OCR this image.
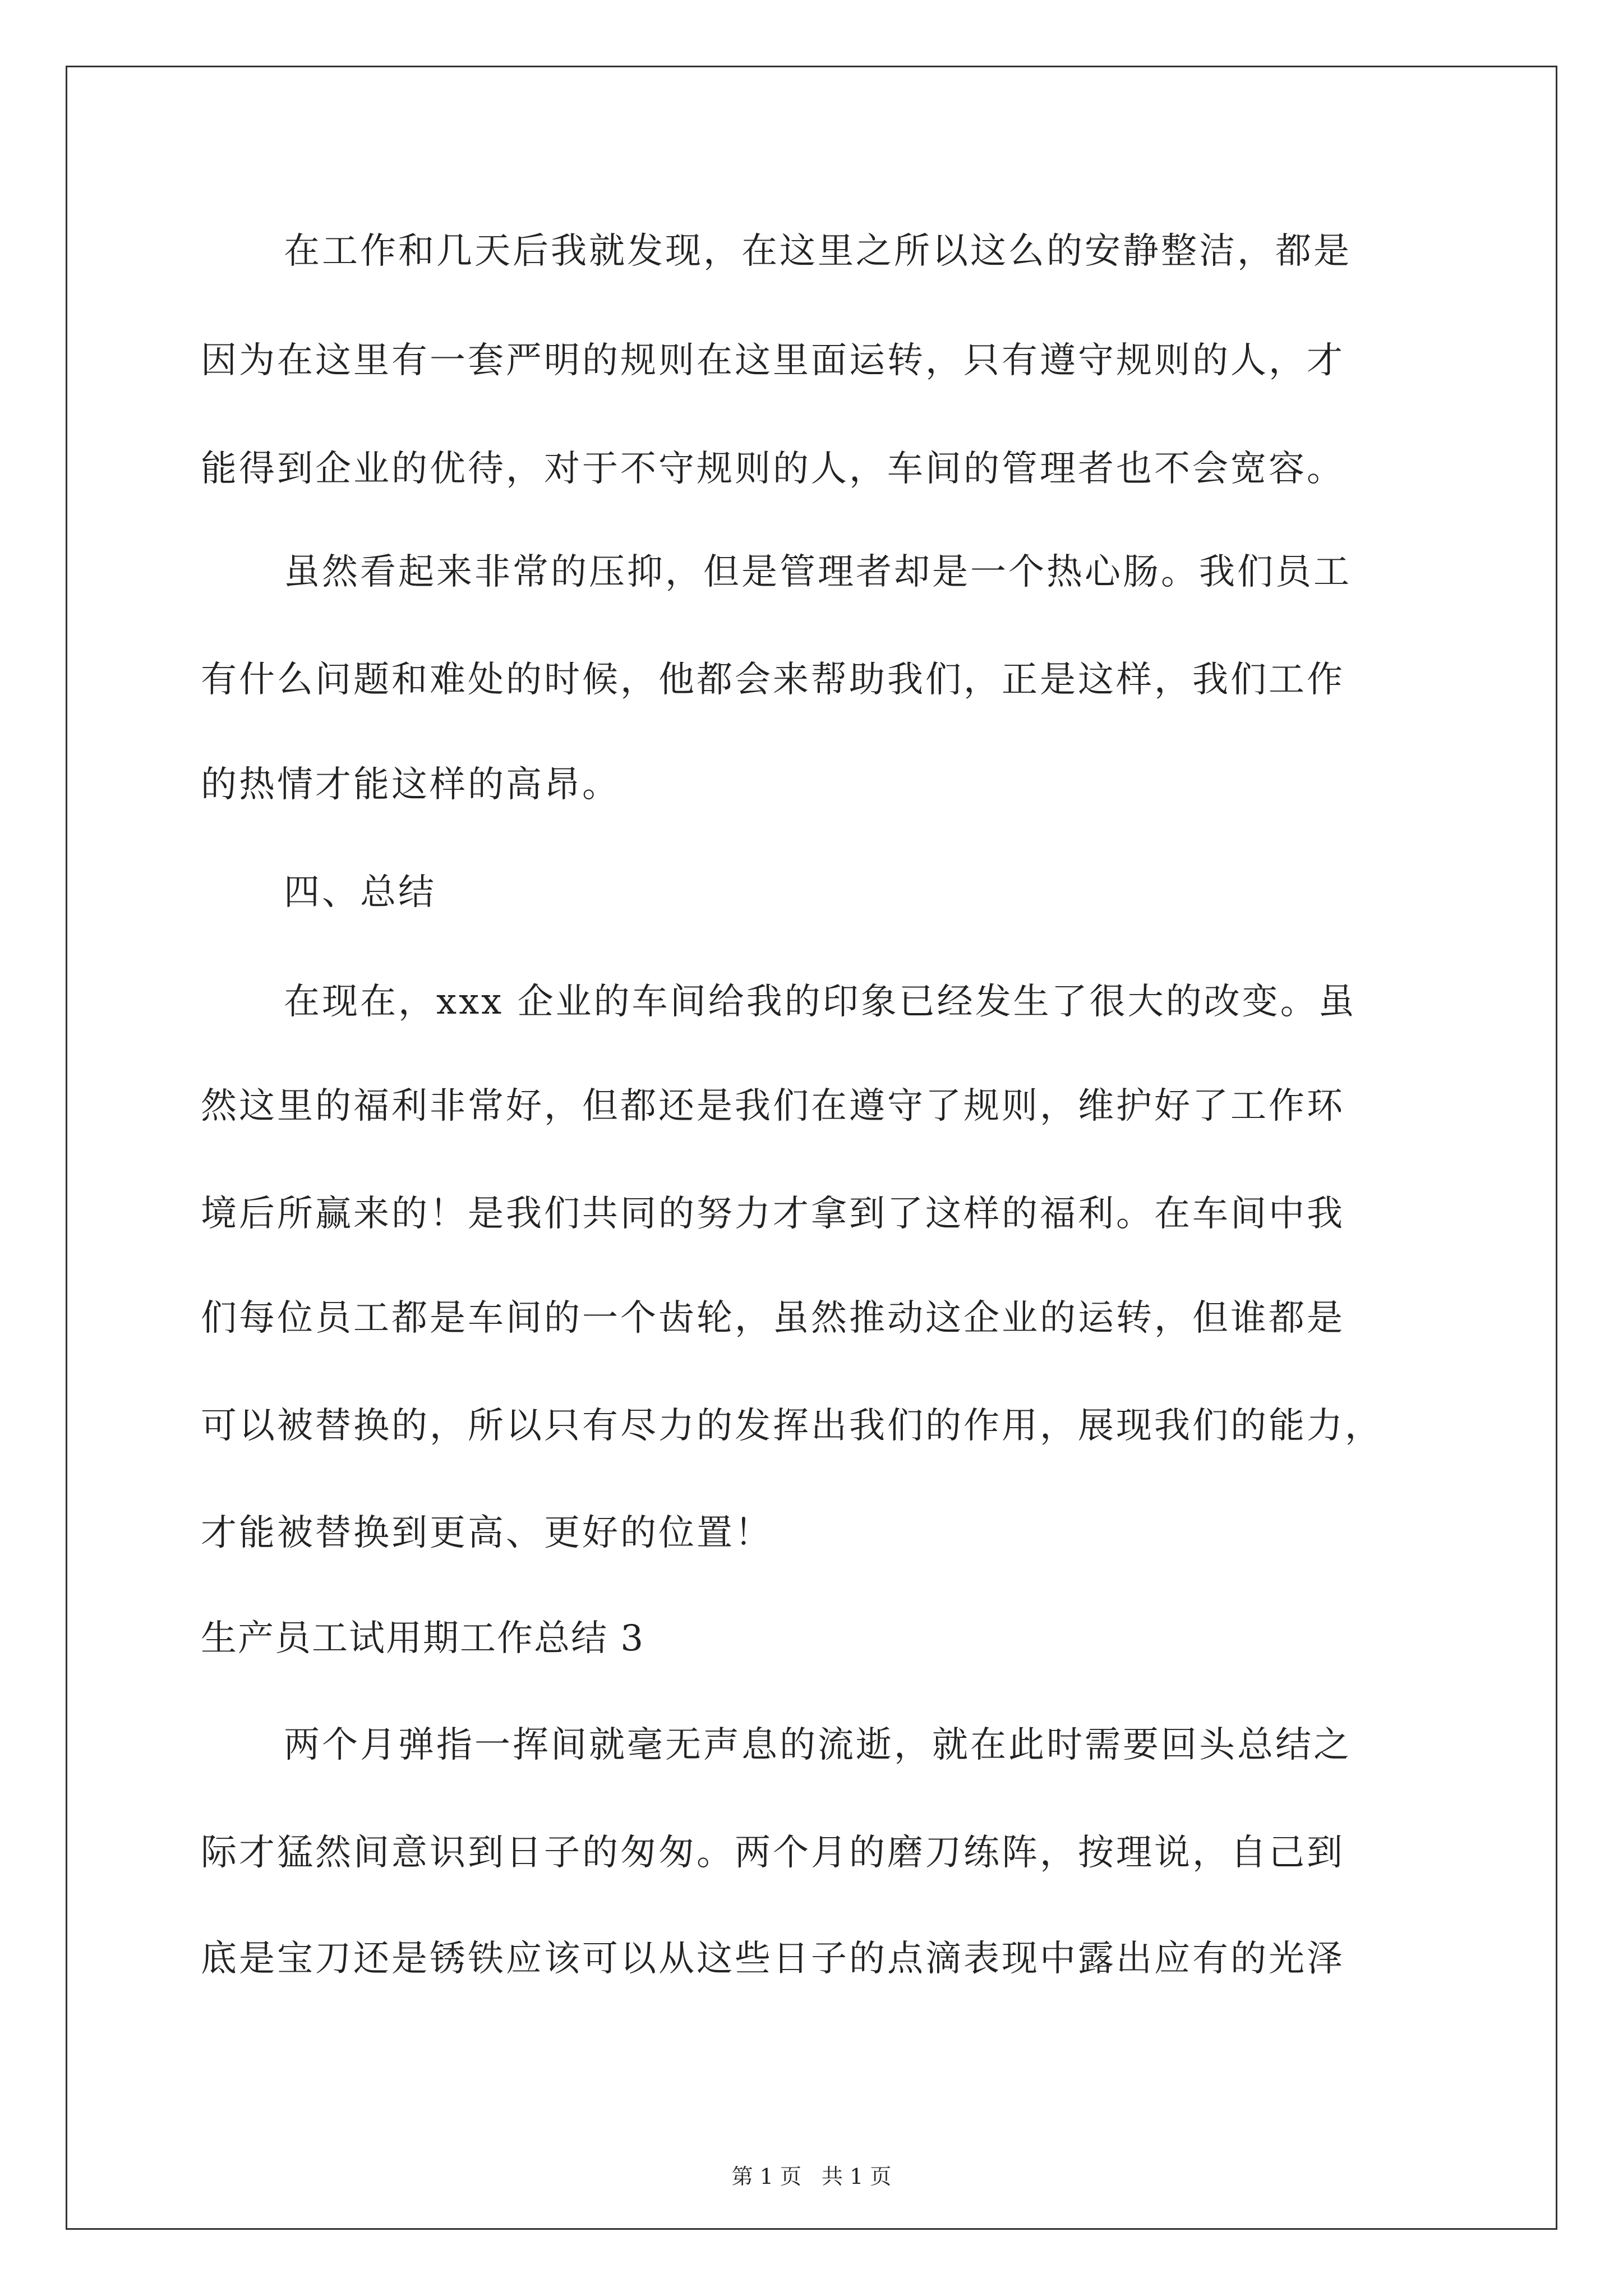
在工作和几天后我就发现，在这里之所以这么的安静整洁，都是
因为在这里有一套严明的规则在这里面运转，只有遵守规则的人，才
能得到企业的优待，对于不守规则的人，车间的管理者也不会宽容。
虽然看起来非常的压抑，但是管理者却是一个热心肠。我们员工
有什么问题和难处的时候，他都会来帮助我们，正是这样，我们工作
的热情才能这样的高昂。
四、总结
在现在，xxx 企业的车间给我的印象已经发生了很大的改变。虽
然这里的福利非常好，但都还是我们在遵守了规则，维护好了工作环
境后所赢来的！是我们共同的努力才拿到了这样的福利。在车间中我
们每位员工都是车间的一个齿轮，虽然推动这企业的运转，但谁都是
可以被替换的，所以只有尽力的发挥出我们的作用，展现我们的能力，
才能被替换到更高、更好的位置！
生产员工试用期工作总结 3
两个月弹指一挥间就毫无声息的流逝，就在此时需要回头总结之
际才猛然间意识到日子的匆匆。两个月的磨刀练阵，按理说，自己到
底是宝刀还是锈铁应该可以从这些日子的点滴表现中露出应有的光泽
第 1 页 共 1 页
